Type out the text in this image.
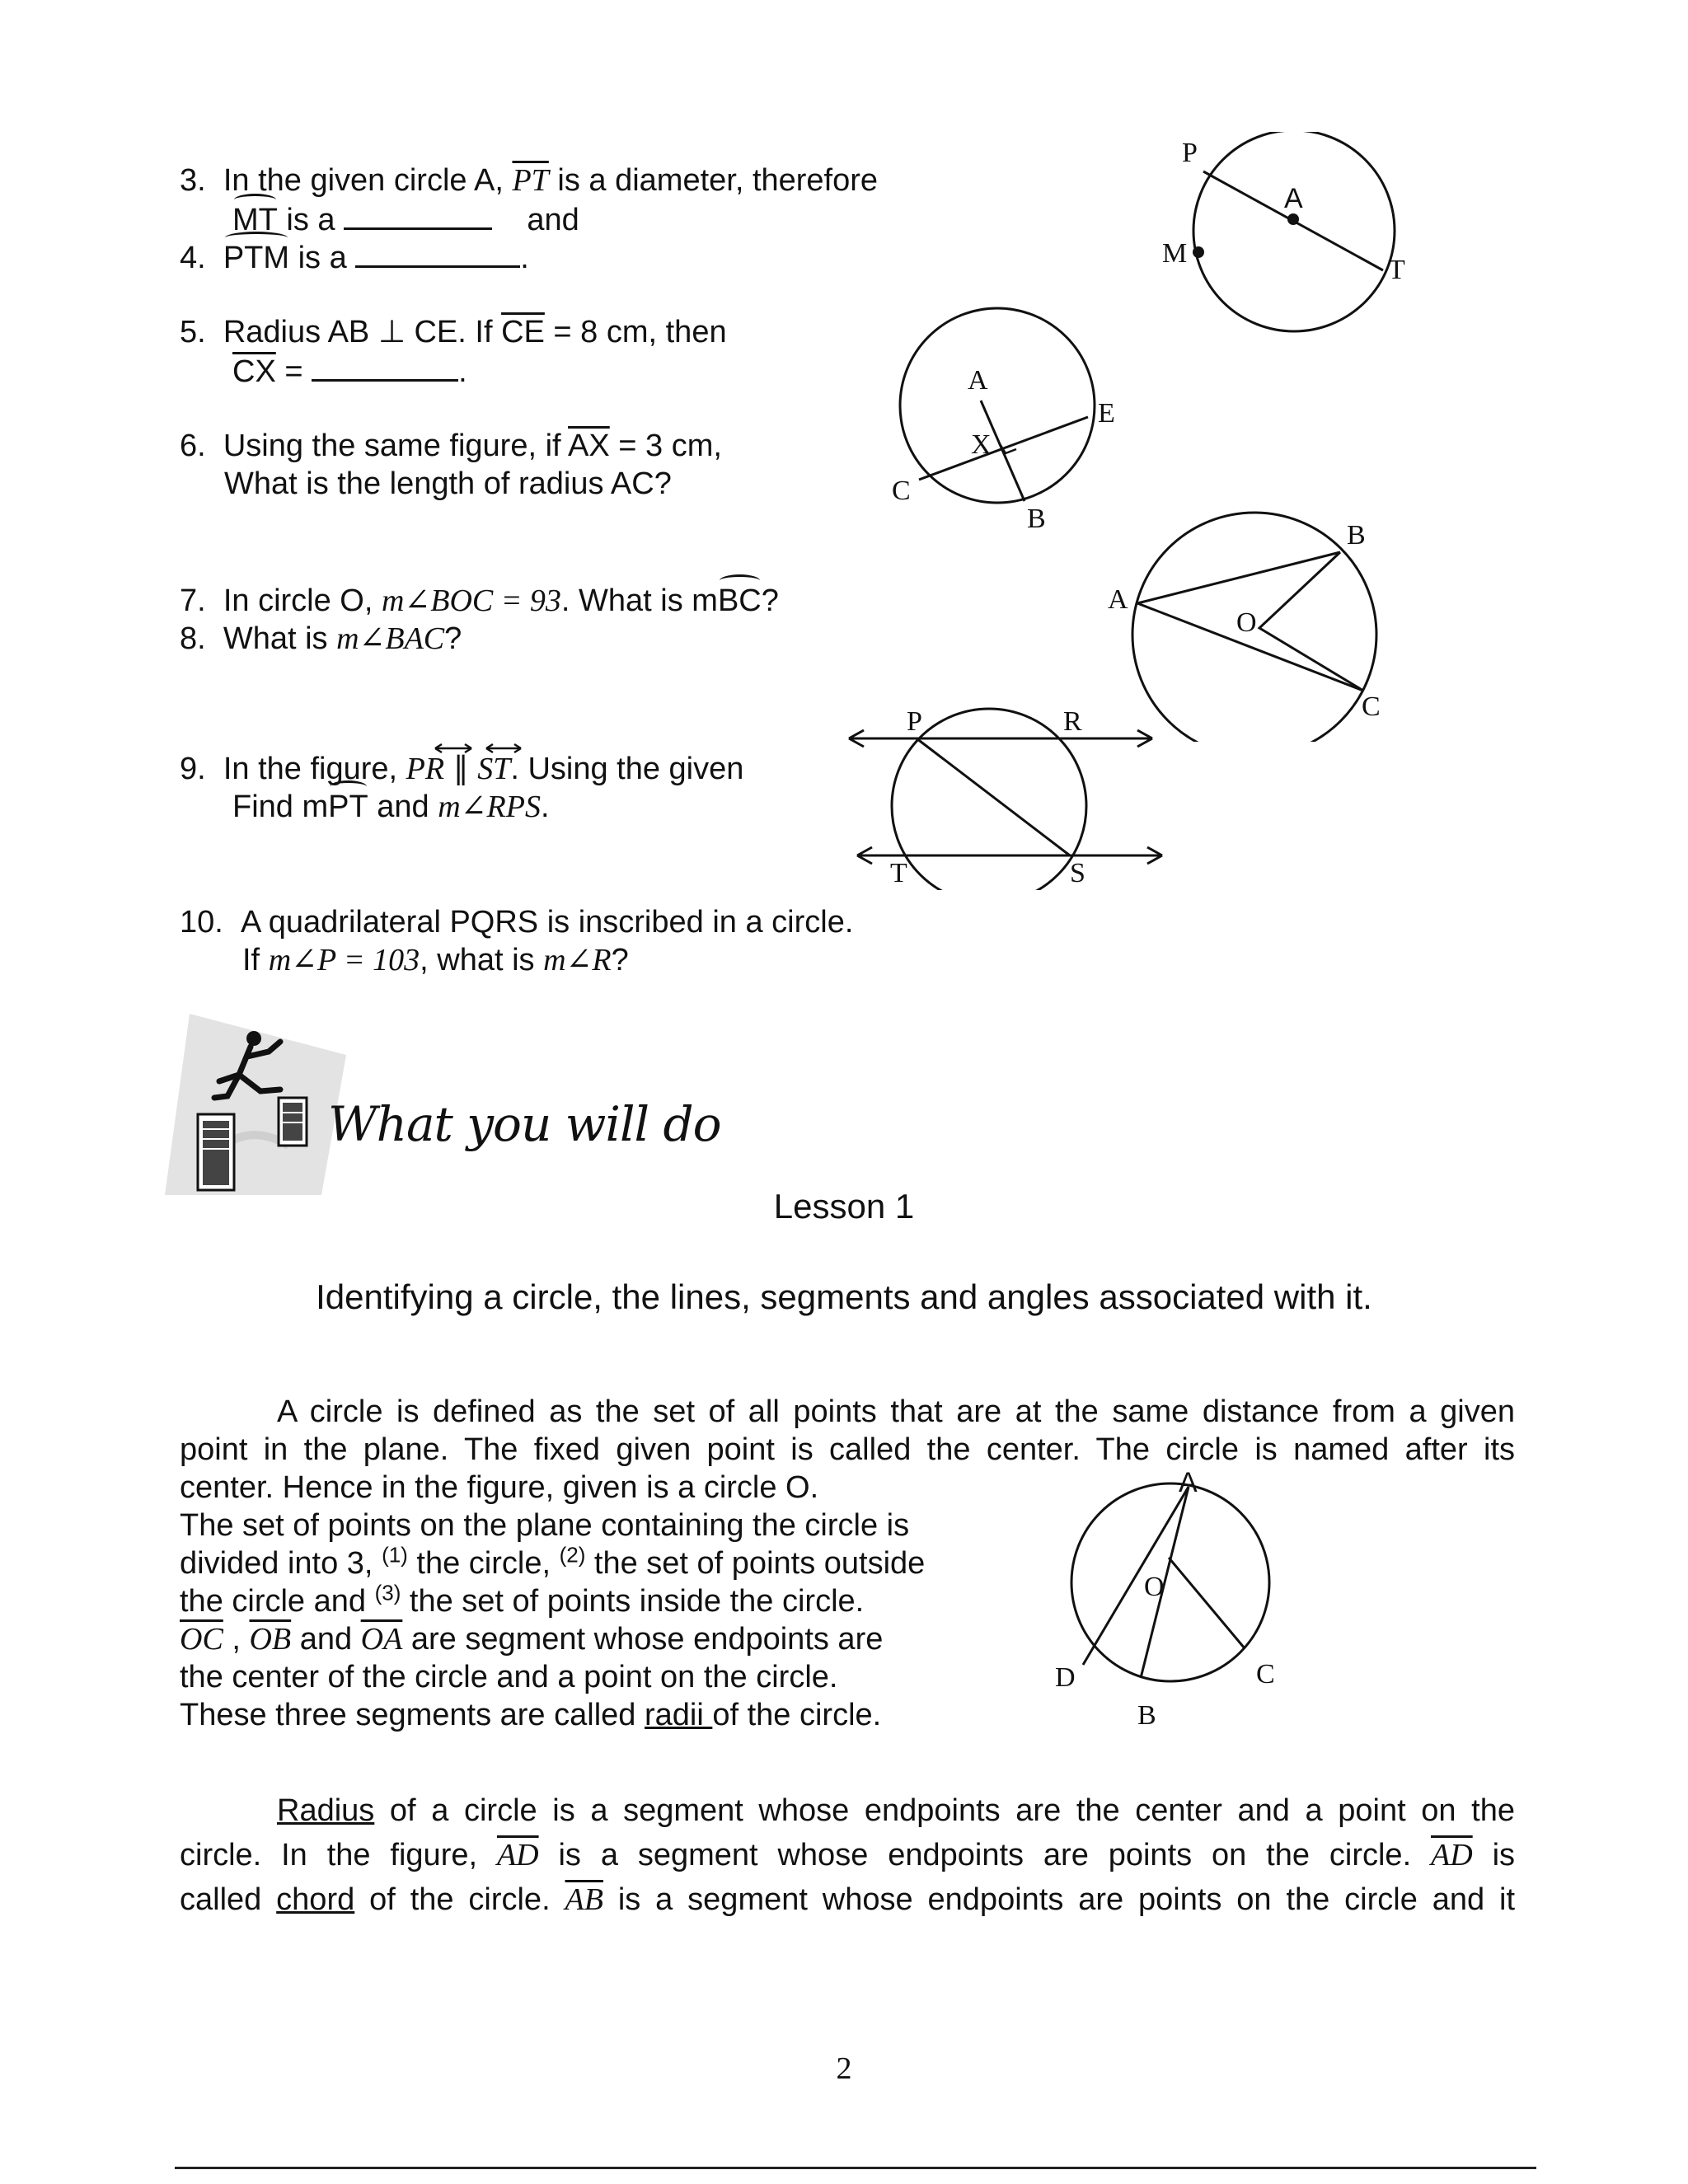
3. In the given circle A, $\overline{PT}$ is a diameter, therefore
MT is a	and
4. PTM is a	.
5. Radius AB ⊥ CE. If $\overline{CE} = 8$ cm, then
$\overline{CX}$ =	.
6. Using the same figure, if $\overline{AX} = 3$ cm,
What is the length of radius AC?
7. In circle O, m∠BOC = 93. What is mBC?
8. What is m∠BAC?
9. In the figure, PR ∥ ST. Using the given
Find mPT and m∠RPS.
10. A quadrilateral PQRS is inscribed in a circle.
If m∠P = 103, what is m∠R?
P
A
M
T
A
X
E
C
B
A
B
O
C
P	R
T	S
What you will do
Lesson 1
Identifying a circle, the lines, segments and angles associated with it.
A circle is defined as the set of all points that are at the same distance from a given
point in the plane. The fixed given point is called the center. The circle is named after its
center. Hence in the figure, given is a circle O.
The set of points on the plane containing the circle is
divided into 3, $^{(1)}$ the circle, $^{(2)}$ the set of points outside
the circle and $^{(3)}$ the set of points inside the circle.
$\overline{OC}$ , $\overline{OB}$ and $\overline{OA}$ are segment whose endpoints are
the center of the circle and a point on the circle.
These three segments are called radii of the circle.
A
O
D	C
B
Radius of a circle is a segment whose endpoints are the center and a point on the
circle. In the figure, $\overline{AD}$ is a segment whose endpoints are points on the circle. $\overline{AD}$ is
called chord of the circle. $\overline{AB}$ is a segment whose endpoints are points on the circle and it
2
